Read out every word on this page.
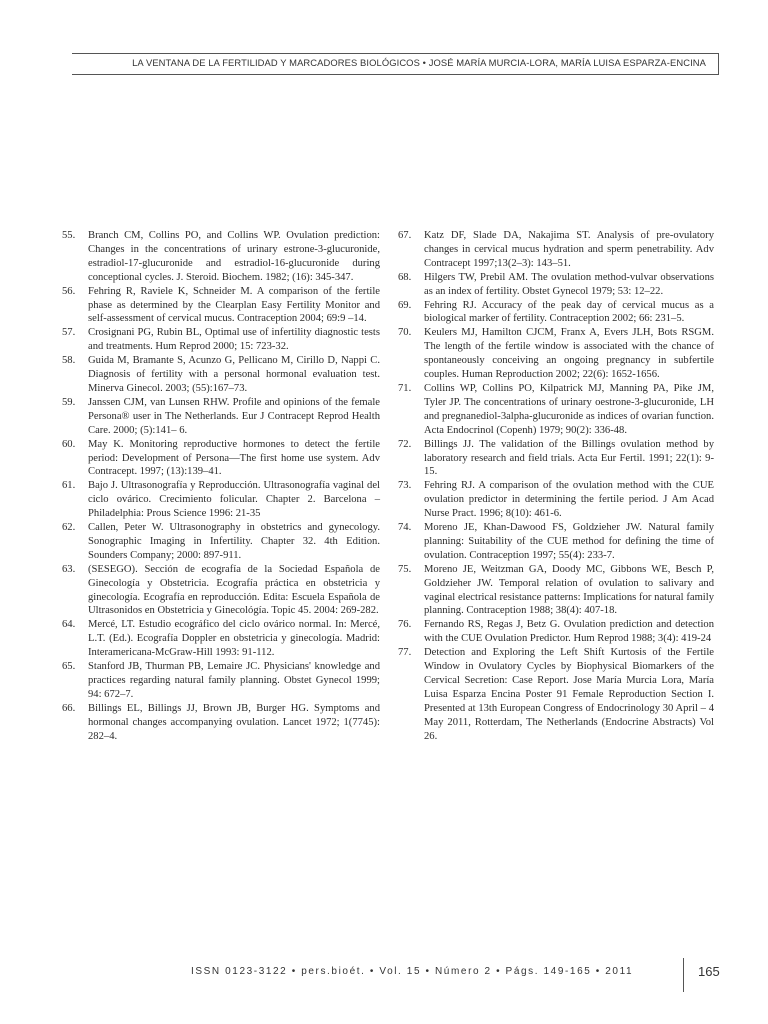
LA VENTANA DE LA FERTILIDAD Y MARCADORES BIOLÓGICOS • JOSÉ MARÍA MURCIA-LORA, MARÍA LUISA ESPARZA-ENCINA
55.	Branch CM, Collins PO, and Collins WP. Ovulation prediction: Changes in the concentrations of urinary estrone-3-glucuronide, estradiol-17-glucuronide and estradiol-16-glucuronide during conceptional cycles. J. Steroid. Biochem. 1982; (16): 345-347.
56.	Fehring R, Raviele K, Schneider M. A comparison of the fertile phase as determined by the Clearplan Easy Fertility Monitor and self-assessment of cervical mucus. Contraception 2004; 69:9 –14.
57.	Crosignani PG, Rubin BL, Optimal use of infertility diagnostic tests and treatments. Hum Reprod 2000; 15: 723-32.
58.	Guida M, Bramante S, Acunzo G, Pellicano M, Cirillo D, Nappi C. Diagnosis of fertility with a personal hormonal evaluation test. Minerva Ginecol. 2003; (55):167–73.
59.	Janssen CJM, van Lunsen RHW. Profile and opinions of the female Persona® user in The Netherlands. Eur J Contracept Reprod Health Care. 2000; (5):141– 6.
60.	May K. Monitoring reproductive hormones to detect the fertile period: Development of Persona—The first home use system. Adv Contracept. 1997; (13):139–41.
61.	Bajo J. Ultrasonografía y Reproducción. Ultrasonografía vaginal del ciclo ovárico. Crecimiento folicular. Chapter 2. Barcelona – Philadelphia: Prous Science 1996: 21-35
62.	Callen, Peter W. Ultrasonography in obstetrics and gynecology. Sonographic Imaging in Infertility. Chapter 32. 4th Edition. Sounders Company; 2000: 897-911.
63.	(SESEGO). Sección de ecografía de la Sociedad Española de Ginecología y Obstetricia. Ecografía práctica en obstetricia y ginecología. Ecografía en reproducción. Edita: Escuela Española de Ultrasonidos en Obstetricia y Ginecológía. Topic 45. 2004: 269-282.
64.	Mercé, LT. Estudio ecográfico del ciclo ovárico normal. In: Mercé, L.T. (Ed.). Ecografía Doppler en obstetricia y ginecología. Madrid: Interamericana-McGraw-Hill 1993: 91-112.
65.	Stanford JB, Thurman PB, Lemaire JC. Physicians' knowledge and practices regarding natural family planning. Obstet Gynecol 1999; 94: 672–7.
66.	Billings EL, Billings JJ, Brown JB, Burger HG. Symptoms and hormonal changes accompanying ovulation. Lancet 1972; 1(7745): 282–4.
67.	Katz DF, Slade DA, Nakajima ST. Analysis of pre-ovulatory changes in cervical mucus hydration and sperm penetrability. Adv Contracept 1997;13(2–3): 143–51.
68.	Hilgers TW, Prebil AM. The ovulation method-vulvar observations as an index of fertility. Obstet Gynecol 1979; 53: 12–22.
69.	Fehring RJ. Accuracy of the peak day of cervical mucus as a biological marker of fertility. Contraception 2002; 66: 231–5.
70.	Keulers MJ, Hamilton CJCM, Franx A, Evers JLH, Bots RSGM. The length of the fertile window is associated with the chance of spontaneously conceiving an ongoing pregnancy in subfertile couples. Human Reproduction 2002; 22(6): 1652-1656.
71.	Collins WP, Collins PO, Kilpatrick MJ, Manning PA, Pike JM, Tyler JP. The concentrations of urinary oestrone-3-glucuronide, LH and pregnanediol-3alpha-glucuronide as indices of ovarian function. Acta Endocrinol (Copenh) 1979; 90(2): 336-48.
72.	Billings JJ. The validation of the Billings ovulation method by laboratory research and field trials. Acta Eur Fertil. 1991; 22(1): 9-15.
73.	Fehring RJ. A comparison of the ovulation method with the CUE ovulation predictor in determining the fertile period. J Am Acad Nurse Pract. 1996; 8(10): 461-6.
74.	Moreno JE, Khan-Dawood FS, Goldzieher JW. Natural family planning: Suitability of the CUE method for defining the time of ovulation. Contraception 1997; 55(4): 233-7.
75.	Moreno JE, Weitzman GA, Doody MC, Gibbons WE, Besch P, Goldzieher JW. Temporal relation of ovulation to salivary and vaginal electrical resistance patterns: Implications for natural family planning. Contraception 1988; 38(4): 407-18.
76.	Fernando RS, Regas J, Betz G. Ovulation prediction and detection with the CUE Ovulation Predictor. Hum Reprod 1988; 3(4): 419-24
77.	Detection and Exploring the Left Shift Kurtosis of the Fertile Window in Ovulatory Cycles by Biophysical Biomarkers of the Cervical Secretion: Case Report. Jose María Murcia Lora, María Luisa Esparza Encina Poster 91 Female Reproduction Section I. Presented at 13th European Congress of Endocrinology 30 April – 4 May 2011, Rotterdam, The Netherlands (Endocrine Abstracts) Vol 26.
ISSN 0123-3122 • pers.bioét. • Vol. 15 • Número 2 • Págs. 149-165 • 2011	165
